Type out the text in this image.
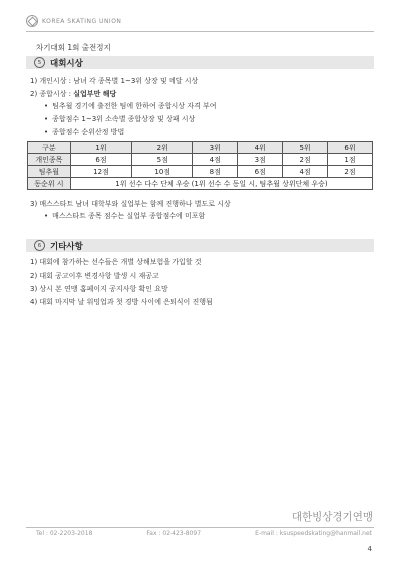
KOREA SKATING UNION
차기대회 1회 출전정지
5	대회시상
1) 개인시상 : 남녀 각 종목별 1~3위 상장 및 메달 시상
2) 종합시상 : 실업부만 해당
• 팀추월 경기에 출전한 팀에 한하여 종합시상 자격 부여
• 종합점수 1~3위 소속별 종합상장 및 상패 시상
• 종합점수 순위산정 방법
구분	1위	2위	3위	4위	5위	6위
개인종목	6점	5점	4점	3점	2점	1점
팀추월	12점	10점	8점	6점	4점	2점
동순위 시	1위 선수 다수 단체 우승 (1위 선수 수 동일 시, 팀추월 상위단체 우승)					
3) 매스스타트 남녀 대학부와 실업부는 함께 진행하나 별도로 시상
• 매스스타트 종목 점수는 실업부 종합점수에 미포함
6	기타사항
1) 대회에 참가하는 선수들은 개별 상해보험을 가입할 것
2) 대회 공고이후 변경사항 발생 시 재공고
3) 상시 본 연맹 홈페이지 공지사항 확인 요망
4) 대회 마지막 날 워밍업과 첫 경방 사이에 은퇴식이 진행됨
대한빙상경기연맹
Tel : 02-2203-2018	Fax : 02-423-8097	E-mail : ksuspeedskating@hanmail.net
4
